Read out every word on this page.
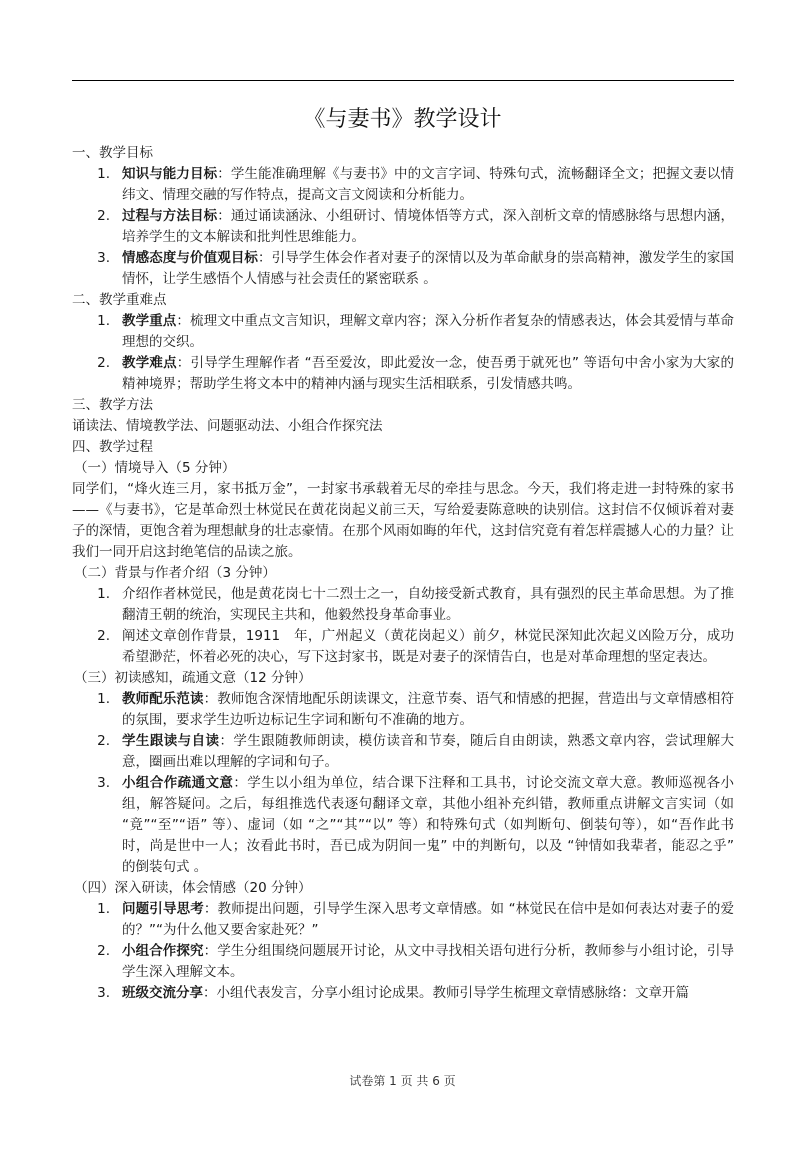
《与妻书》教学设计

一、教学目标

1. 知识与能力目标：学生能准确理解《与妻书》中的文言字词、特殊句式，流畅翻译全文；把握文妻以情纬文、情理交融的写作特点，提高文言文阅读和分析能力。
2. 过程与方法目标：通过诵读涵泳、小组研讨、情境体悟等方式，深入剖析文章的情感脉络与思想内涵，培养学生的文本解读和批判性思维能力。
3. 情感态度与价值观目标：引导学生体会作者对妻子的深情以及为革命献身的崇高精神，激发学生的家国情怀，让学生感悟个人情感与社会责任的紧密联系 。

二、教学重难点

1. 教学重点：梳理文中重点文言知识，理解文章内容；深入分析作者复杂的情感表达，体会其爱情与革命理想的交织。
2. 教学难点：引导学生理解作者 “吾至爱汝，即此爱汝一念，使吾勇于就死也” 等语句中舍小家为大家的精神境界；帮助学生将文本中的精神内涵与现实生活相联系，引发情感共鸣。

三、教学方法

诵读法、情境教学法、问题驱动法、小组合作探究法

四、教学过程

（一）情境导入（5 分钟）

同学们，“烽火连三月，家书抵万金”，一封家书承载着无尽的牵挂与思念。今天，我们将走进一封特殊的家书 ——《与妻书》，它是革命烈士林觉民在黄花岗起义前三天，写给爱妻陈意映的诀别信。这封信不仅倾诉着对妻子的深情，更饱含着为理想献身的壮志豪情。在那个风雨如晦的年代，这封信究竟有着怎样震撼人心的力量？让我们一同开启这封绝笔信的品读之旅。

（二）背景与作者介绍（3 分钟）

1. 介绍作者林觉民，他是黄花岗七十二烈士之一，自幼接受新式教育，具有强烈的民主革命思想。为了推翻清王朝的统治，实现民主共和，他毅然投身革命事业。
2. 阐述文章创作背景，1911　年，广州起义（黄花岗起义）前夕，林觉民深知此次起义凶险万分，成功希望渺茫，怀着必死的决心，写下这封家书，既是对妻子的深情告白，也是对革命理想的坚定表达。

（三）初读感知，疏通文意（12 分钟）

1. 教师配乐范读：教师饱含深情地配乐朗读课文，注意节奏、语气和情感的把握，营造出与文章情感相符的氛围，要求学生边听边标记生字词和断句不准确的地方。
2. 学生跟读与自读：学生跟随教师朗读，模仿读音和节奏，随后自由朗读，熟悉文章内容，尝试理解大意，圈画出难以理解的字词和句子。
3. 小组合作疏通文意：学生以小组为单位，结合课下注释和工具书，讨论交流文章大意。教师巡视各小组，解答疑问。之后，每组推选代表逐句翻译文章，其他小组补充纠错，教师重点讲解文言实词（如 “竟”“至”“语” 等）、虚词（如 “之”“其”“以” 等）和特殊句式（如判断句、倒装句等），如“吾作此书时，尚是世中一人；汝看此书时，吾已成为阴间一鬼” 中的判断句，以及 “钟情如我辈者，能忍之乎” 的倒装句式 。

（四）深入研读，体会情感（20 分钟）

1. 问题引导思考：教师提出问题，引导学生深入思考文章情感。如 “林觉民在信中是如何表达对妻子的爱的？”“为什么他又要舍家赴死？”
2. 小组合作探究：学生分组围绕问题展开讨论，从文中寻找相关语句进行分析，教师参与小组讨论，引导学生深入理解文本。
3. 班级交流分享：小组代表发言，分享小组讨论成果。教师引导学生梳理文章情感脉络：文章开篇
试卷第 1 页 共 6 页
